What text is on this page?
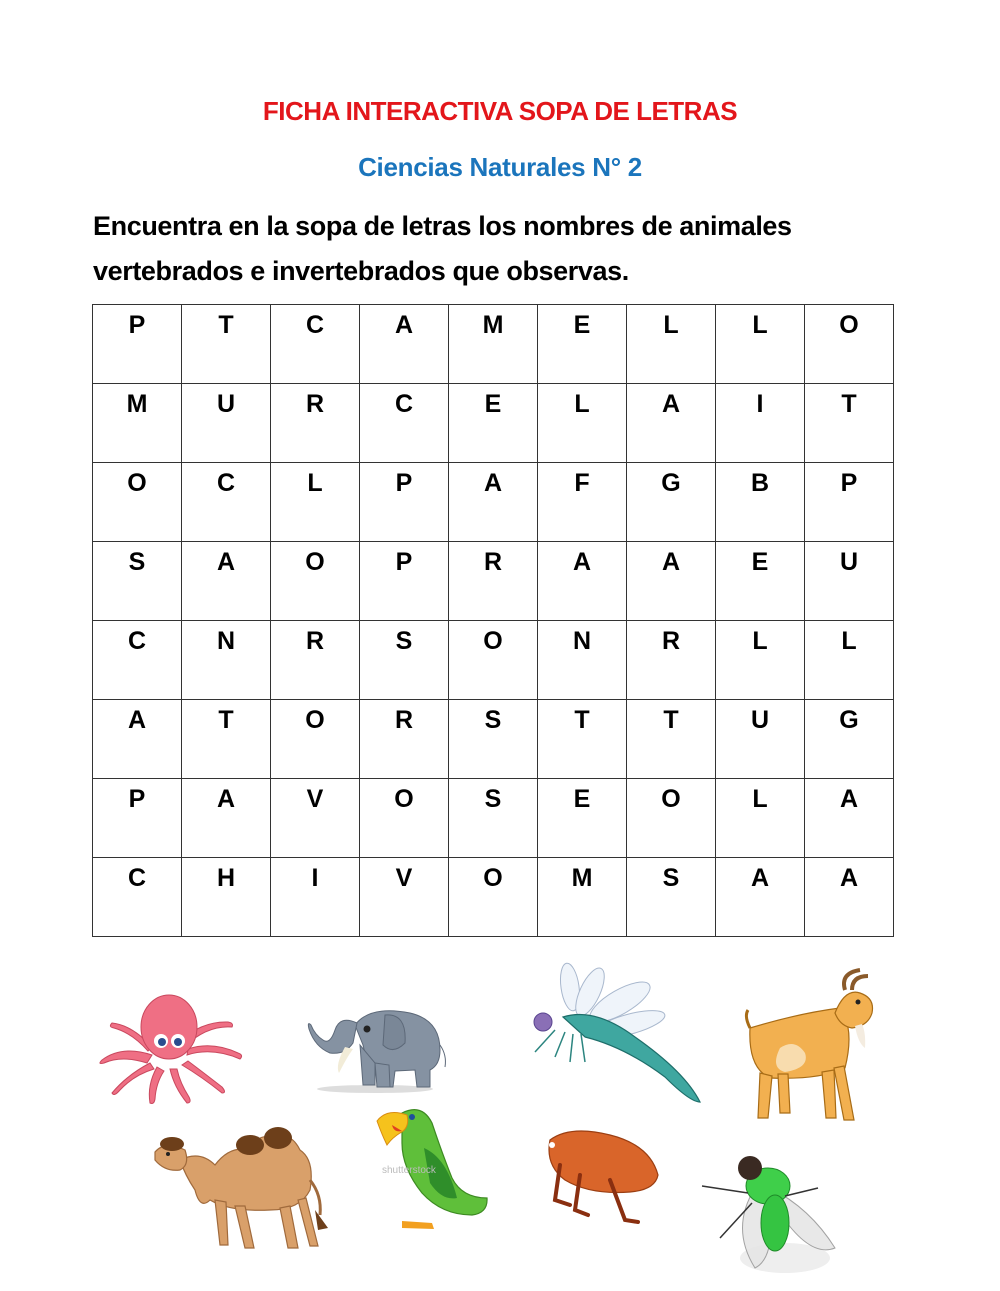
FICHA INTERACTIVA SOPA DE LETRAS
Ciencias Naturales N° 2
Encuentra en la sopa de letras los nombres de animales vertebrados e invertebrados que observas.
P	T	C	A	M	E	L	L	O
M	U	R	C	E	L	A	I	T
O	C	L	P	A	F	G	B	P
S	A	O	P	R	A	A	E	U
C	N	R	S	O	N	R	L	L
A	T	O	R	S	T	T	U	G
P	A	V	O	S	E	O	L	A
C	H	I	V	O	M	S	A	A
shutterstock
